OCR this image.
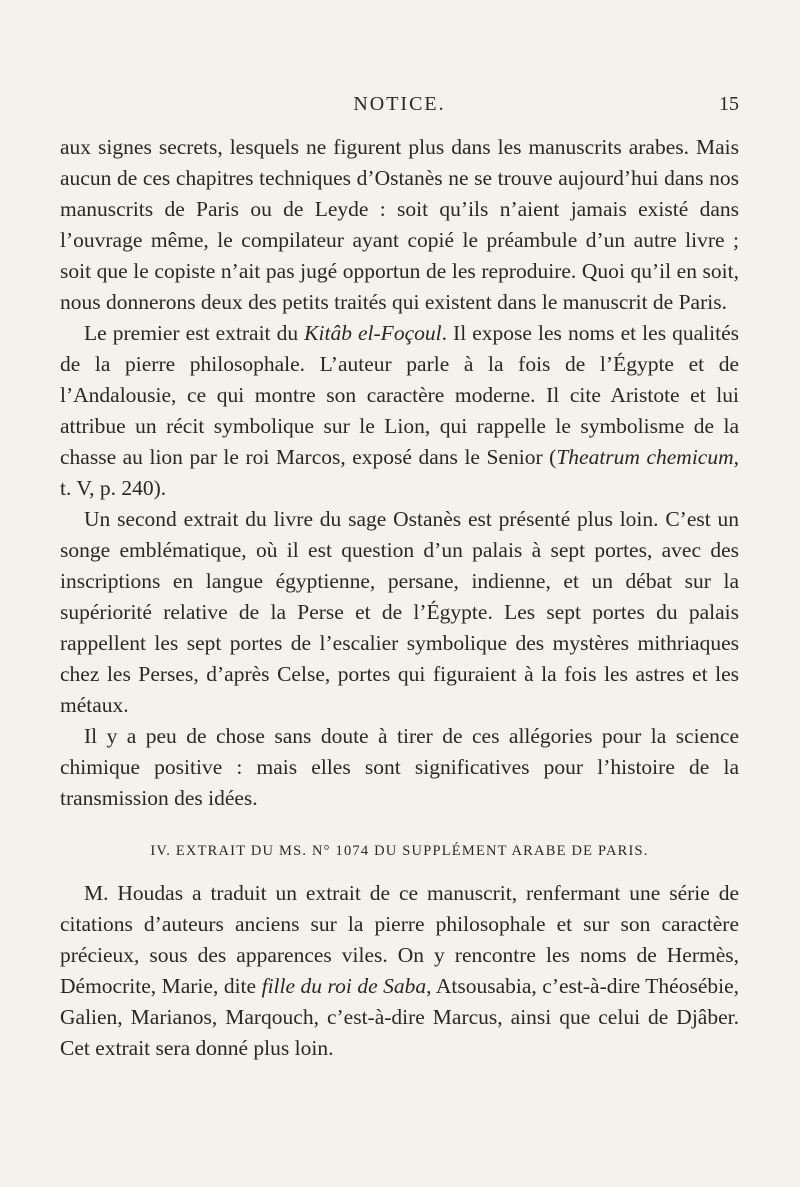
NOTICE.	15

aux signes secrets, lesquels ne figurent plus dans les manuscrits arabes. Mais aucun de ces chapitres techniques d’Ostanès ne se trouve aujourd’hui dans nos manuscrits de Paris ou de Leyde : soit qu’ils n’aient jamais existé dans l’ouvrage même, le compilateur ayant copié le préambule d’un autre livre ; soit que le copiste n’ait pas jugé opportun de les reproduire. Quoi qu’il en soit, nous donnerons deux des petits traités qui existent dans le manuscrit de Paris.

Le premier est extrait du Kitâb el-Foçoul. Il expose les noms et les qualités de la pierre philosophale. L’auteur parle à la fois de l’Égypte et de l’Andalousie, ce qui montre son caractère moderne. Il cite Aristote et lui attribue un récit symbolique sur le Lion, qui rappelle le symbolisme de la chasse au lion par le roi Marcos, exposé dans le Senior (Theatrum chemicum, t. V, p. 240).

Un second extrait du livre du sage Ostanès est présenté plus loin. C’est un songe emblématique, où il est question d’un palais à sept portes, avec des inscriptions en langue égyptienne, persane, indienne, et un débat sur la supériorité relative de la Perse et de l’Égypte. Les sept portes du palais rappellent les sept portes de l’escalier symbolique des mystères mithriaques chez les Perses, d’après Celse, portes qui figuraient à la fois les astres et les métaux.

Il y a peu de chose sans doute à tirer de ces allégories pour la science chimique positive : mais elles sont significatives pour l’histoire de la transmission des idées.

IV. EXTRAIT DU MS. N° 1074 DU SUPPLÉMENT ARABE DE PARIS.

M. Houdas a traduit un extrait de ce manuscrit, renfermant une série de citations d’auteurs anciens sur la pierre philosophale et sur son caractère précieux, sous des apparences viles. On y rencontre les noms de Hermès, Démocrite, Marie, dite fille du roi de Saba, Atsousabia, c’est-à-dire Théosébie, Galien, Marianos, Marqouch, c’est-à-dire Marcus, ainsi que celui de Djâber. Cet extrait sera donné plus loin.
